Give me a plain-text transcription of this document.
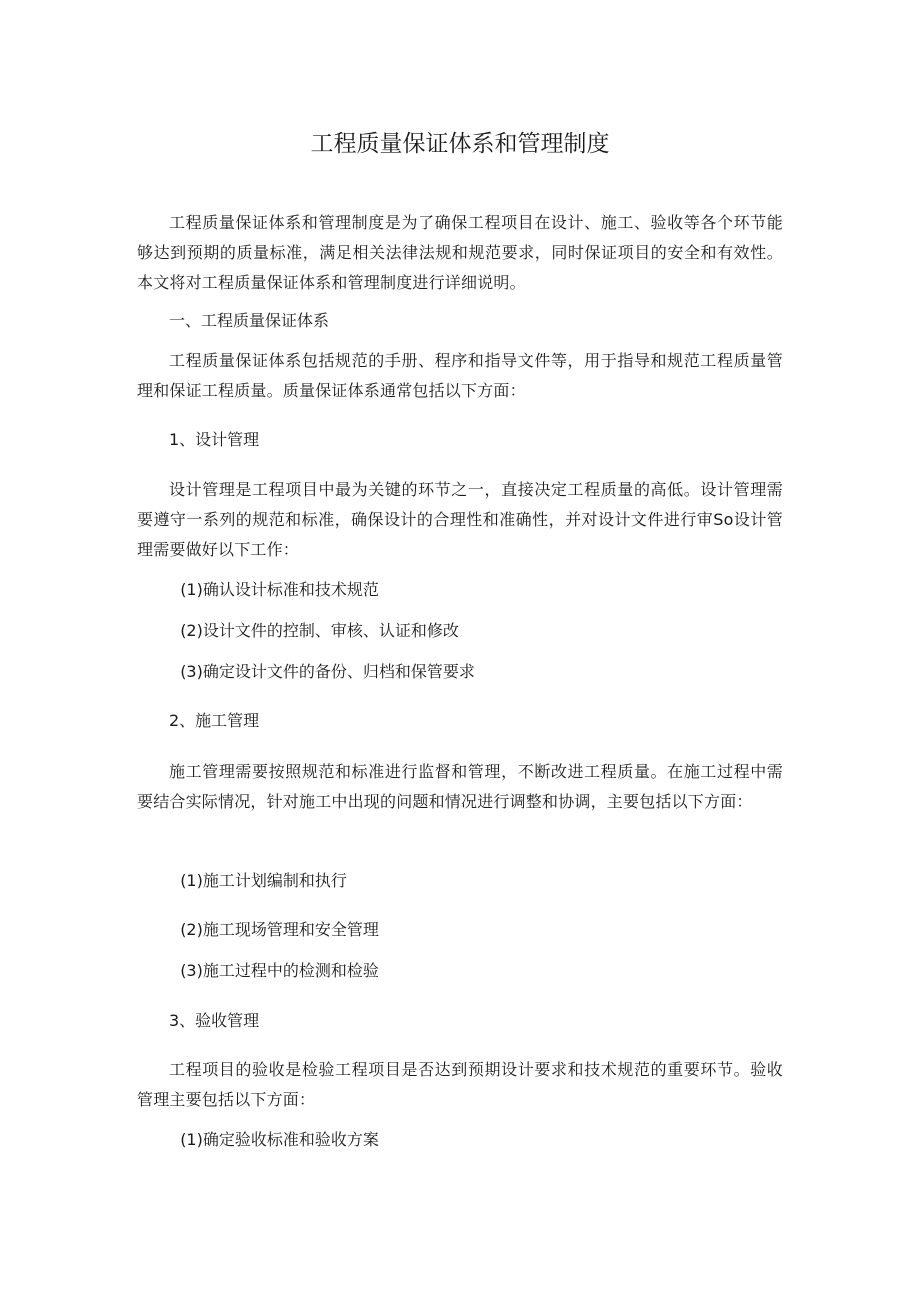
工程质量保证体系和管理制度

工程质量保证体系和管理制度是为了确保工程项目在设计、施工、验收等各个环节能够达到预期的质量标准，满足相关法律法规和规范要求，同时保证项目的安全和有效性。本文将对工程质量保证体系和管理制度进行详细说明。

一、工程质量保证体系

工程质量保证体系包括规范的手册、程序和指导文件等，用于指导和规范工程质量管理和保证工程质量。质量保证体系通常包括以下方面：

1、设计管理

设计管理是工程项目中最为关键的环节之一，直接决定工程质量的高低。设计管理需要遵守一系列的规范和标准，确保设计的合理性和准确性，并对设计文件进行审So设计管理需要做好以下工作：

(1)确认设计标准和技术规范

(2)设计文件的控制、审核、认证和修改

(3)确定设计文件的备份、归档和保管要求

2、施工管理

施工管理需要按照规范和标准进行监督和管理，不断改进工程质量。在施工过程中需要结合实际情况，针对施工中出现的问题和情况进行调整和协调，主要包括以下方面：

(1)施工计划编制和执行

(2)施工现场管理和安全管理

(3)施工过程中的检测和检验

3、验收管理

工程项目的验收是检验工程项目是否达到预期设计要求和技术规范的重要环节。验收管理主要包括以下方面：

(1)确定验收标准和验收方案
